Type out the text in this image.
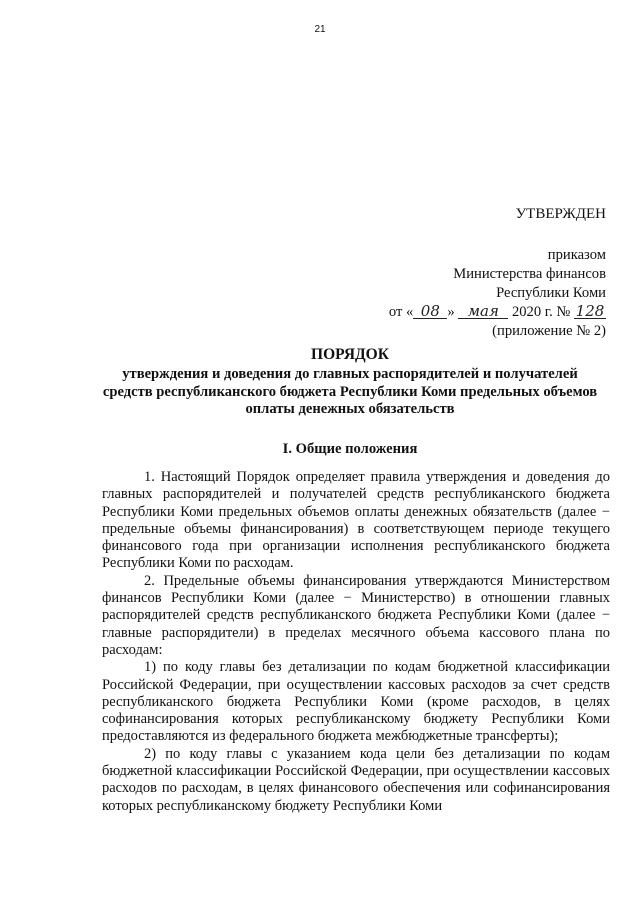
21
УТВЕРЖДЕН
приказом
Министерства финансов
Республики Коми
от « 08 » мая 2020 г. № 128
(приложение № 2)
ПОРЯДОК
утверждения и доведения до главных распорядителей и получателей средств республиканского бюджета Республики Коми предельных объемов оплаты денежных обязательств
I. Общие положения

1. Настоящий Порядок определяет правила утверждения и доведения до главных распорядителей и получателей средств республиканского бюджета Республики Коми предельных объемов оплаты денежных обязательств (далее − предельные объемы финансирования) в соответствующем периоде текущего финансового года при организации исполнения республиканского бюджета Республики Коми по расходам.

2. Предельные объемы финансирования утверждаются Министерством финансов Республики Коми (далее − Министерство) в отношении главных распорядителей средств республиканского бюджета Республики Коми (далее − главные распорядители) в пределах месячного объема кассового плана по расходам:

1) по коду главы без детализации по кодам бюджетной классификации Российской Федерации, при осуществлении кассовых расходов за счет средств республиканского бюджета Республики Коми (кроме расходов, в целях софинансирования которых республиканскому бюджету Республики Коми предоставляются из федерального бюджета межбюджетные трансферты);

2) по коду главы с указанием кода цели без детализации по кодам бюджетной классификации Российской Федерации, при осуществлении кассовых расходов по расходам, в целях финансового обеспечения или софинансирования которых республиканскому бюджету Республики Коми
